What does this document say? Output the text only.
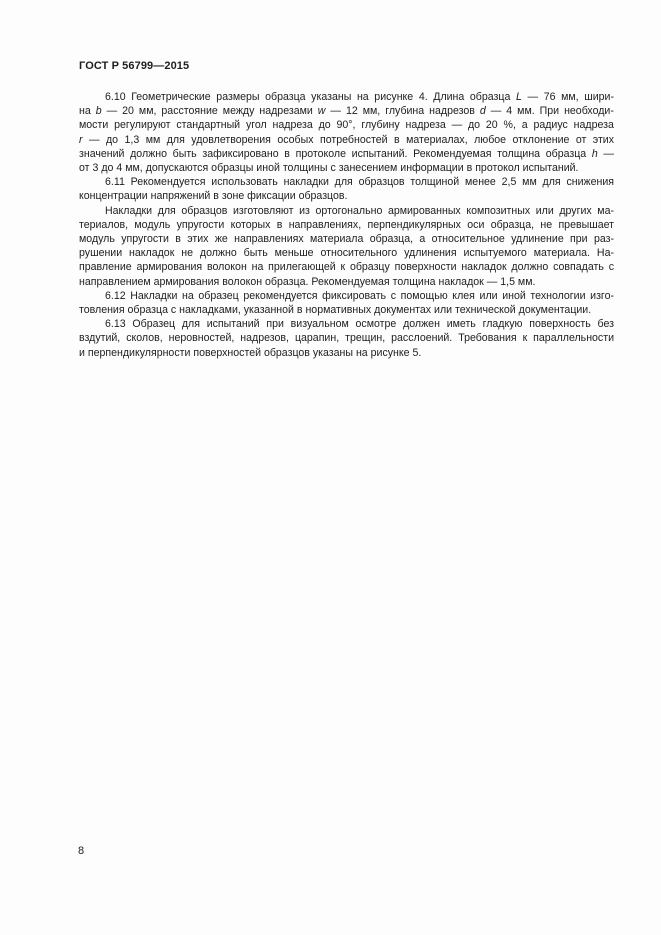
ГОСТ Р 56799—2015

6.10 Геометрические размеры образца указаны на рисунке 4. Длина образца L — 76 мм, шири-
на b — 20 мм, расстояние между надрезами w — 12 мм, глубина надрезов d — 4 мм. При необходи-
мости регулируют стандартный угол надреза до 90°, глубину надреза — до 20 %, а радиус надреза
r — до 1,3 мм для удовлетворения особых потребностей в материалах, любое отклонение от этих
значений должно быть зафиксировано в протоколе испытаний. Рекомендуемая толщина образца h —
от 3 до 4 мм, допускаются образцы иной толщины с занесением информации в протокол испытаний.

6.11 Рекомендуется использовать накладки для образцов толщиной менее 2,5 мм для снижения
концентрации напряжений в зоне фиксации образцов.

Накладки для образцов изготовляют из ортогонально армированных композитных или других ма-
териалов, модуль упругости которых в направлениях, перпендикулярных оси образца, не превышает
модуль упругости в этих же направлениях материала образца, а относительное удлинение при раз-
рушении накладок не должно быть меньше относительного удлинения испытуемого материала. На-
правление армирования волокон на прилегающей к образцу поверхности накладок должно совпадать с
направлением армирования волокон образца. Рекомендуемая толщина накладок — 1,5 мм.

6.12 Накладки на образец рекомендуется фиксировать с помощью клея или иной технологии изго-
товления образца с накладками, указанной в нормативных документах или технической документации.

6.13 Образец для испытаний при визуальном осмотре должен иметь гладкую поверхность без
вздутий, сколов, неровностей, надрезов, царапин, трещин, расслоений. Требования к параллельности
и перпендикулярности поверхностей образцов указаны на рисунке 5.

8
